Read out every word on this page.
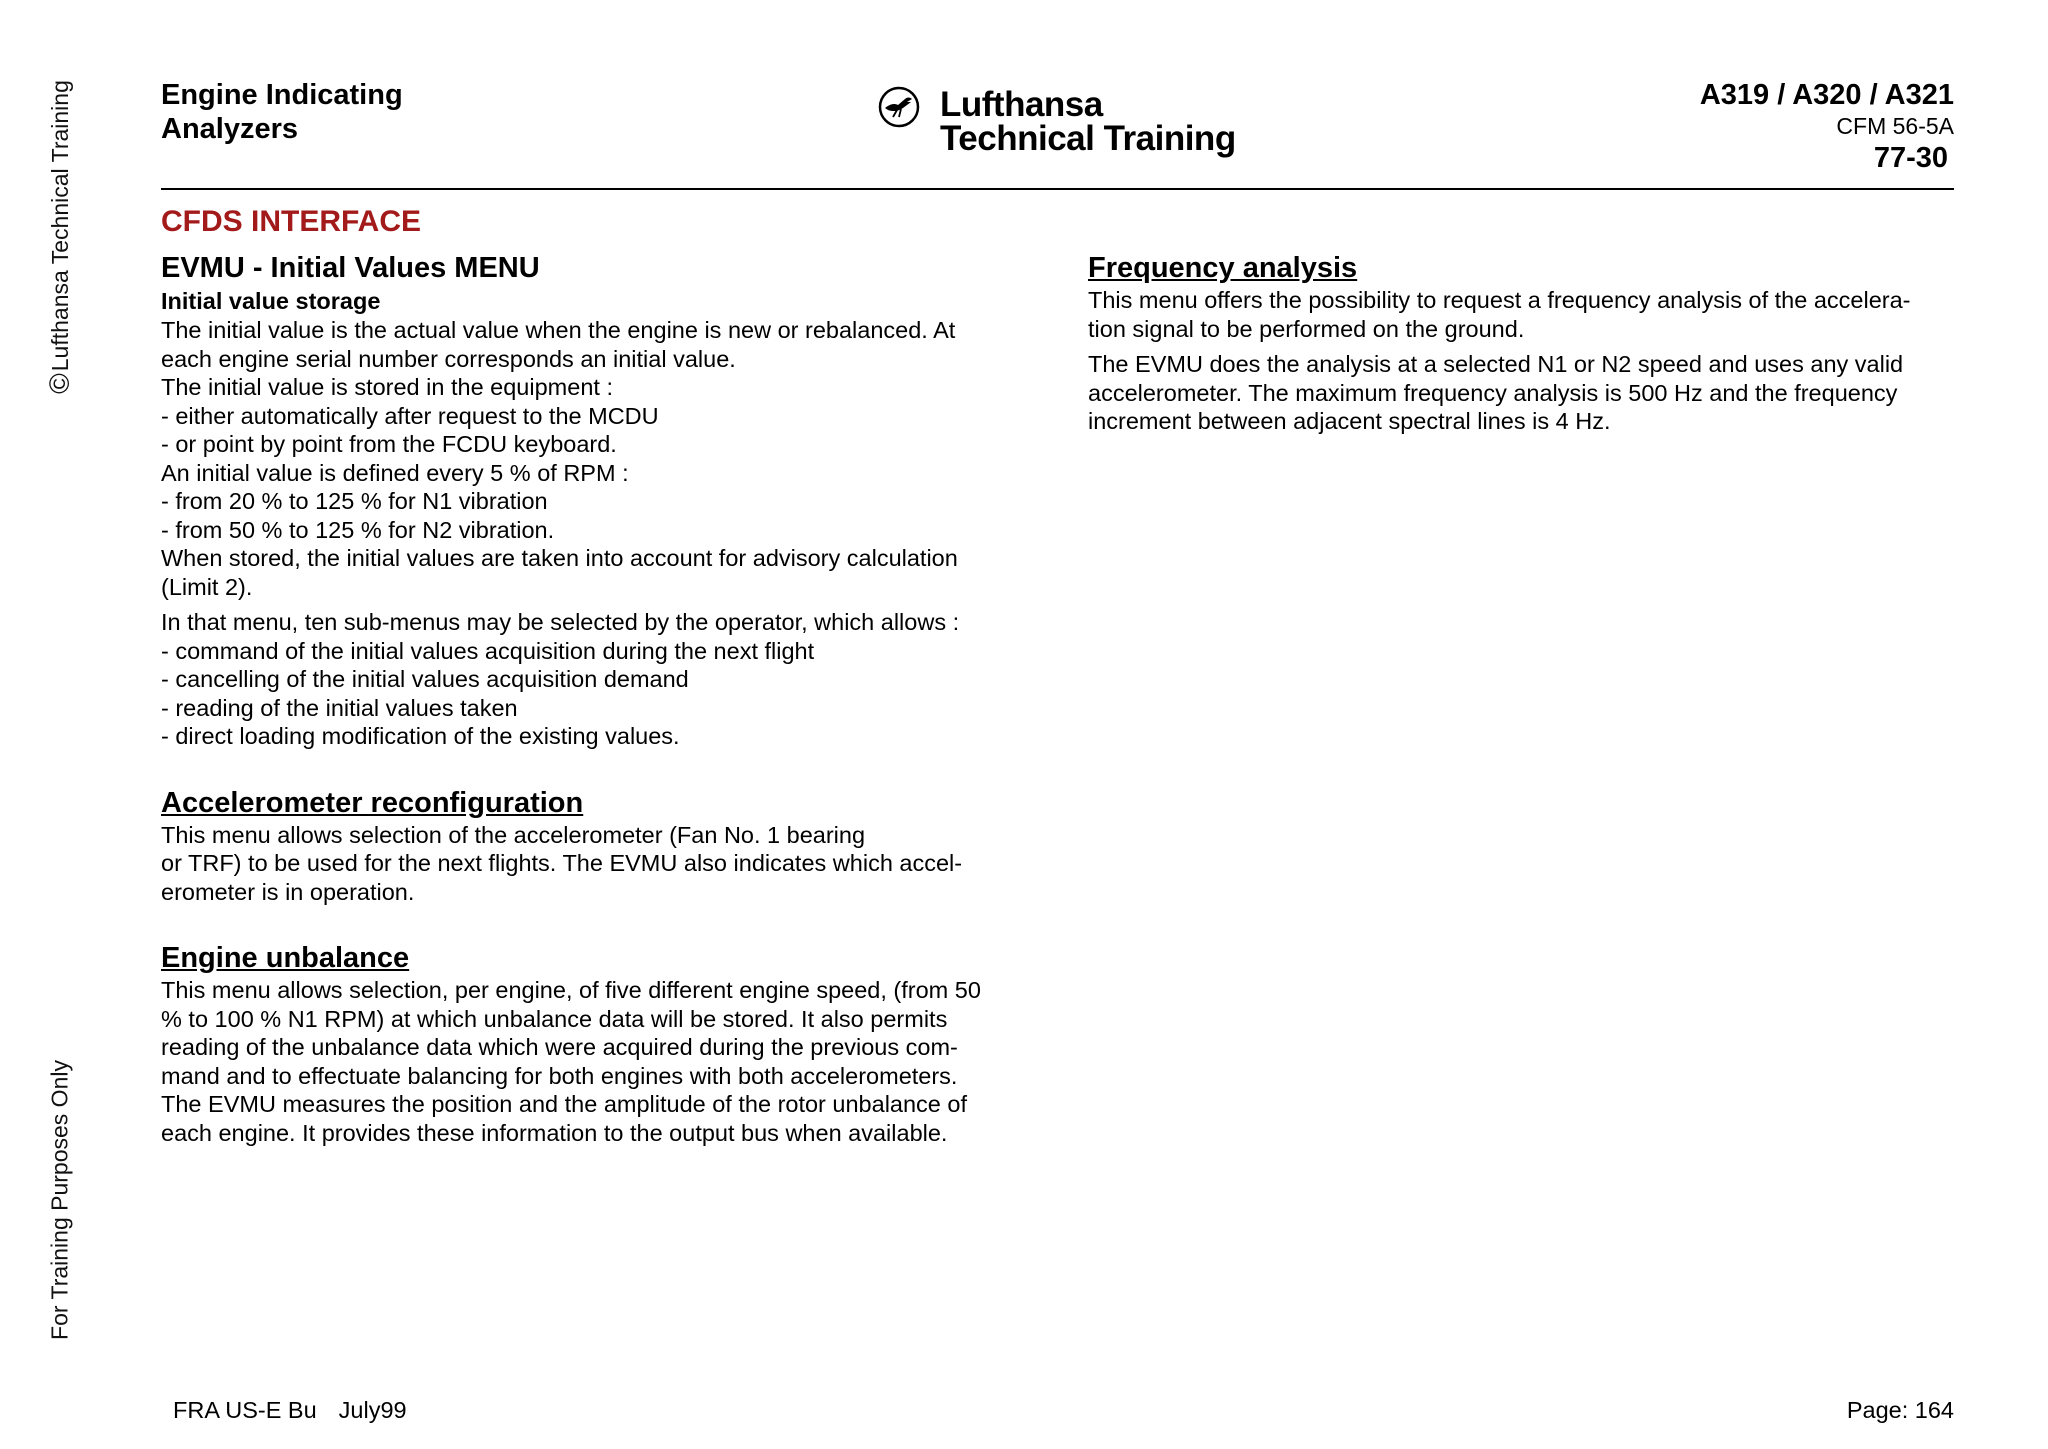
©
Lufthansa Technical Training
For Training Purposes Only
Engine Indicating
Analyzers
Lufthansa
Technical Training
A319 / A320 / A321
CFM 56-5A
77-30
CFDS INTERFACE
EVMU - Initial Values MENU
Initial value storage
The initial value is the actual value when the engine is new or rebalanced. At
each engine serial number corresponds an initial value.
The initial value is stored in the equipment :
- either automatically after request to the MCDU
- or point by point from the FCDU keyboard.
An initial value is defined every 5 % of RPM :
- from 20 % to 125 % for N1 vibration
- from 50 % to 125 % for N2 vibration.
When stored, the initial values are taken into account for advisory calculation
(Limit 2).
In that menu, ten sub-menus may be selected by the operator, which allows :
- command of the initial values acquisition during the next flight
- cancelling of the initial values acquisition demand
- reading of the initial values taken
- direct loading modification of the existing values.
Accelerometer reconfiguration
This menu allows selection of the accelerometer (Fan No. 1 bearing
or TRF) to be used for the next flights. The EVMU also indicates which accel-
erometer is in operation.
Engine unbalance
This menu allows selection, per engine, of five different engine speed, (from 50
% to 100 % N1 RPM) at which unbalance data will be stored. It also permits
reading of the unbalance data which were acquired during the previous com-
mand and to effectuate balancing for both engines with both accelerometers.
The EVMU measures the position and the amplitude of the rotor unbalance of
each engine. It provides these information to the output bus when available.
Frequency analysis
This menu offers the possibility to request a frequency analysis of the accelera-
tion signal to be performed on the ground.
The EVMU does the analysis at a selected N1 or N2 speed and uses any valid
accelerometer. The maximum frequency analysis is 500 Hz and the frequency
increment between adjacent spectral lines is 4 Hz.
FRA US-E Bu July99	Page: 164
